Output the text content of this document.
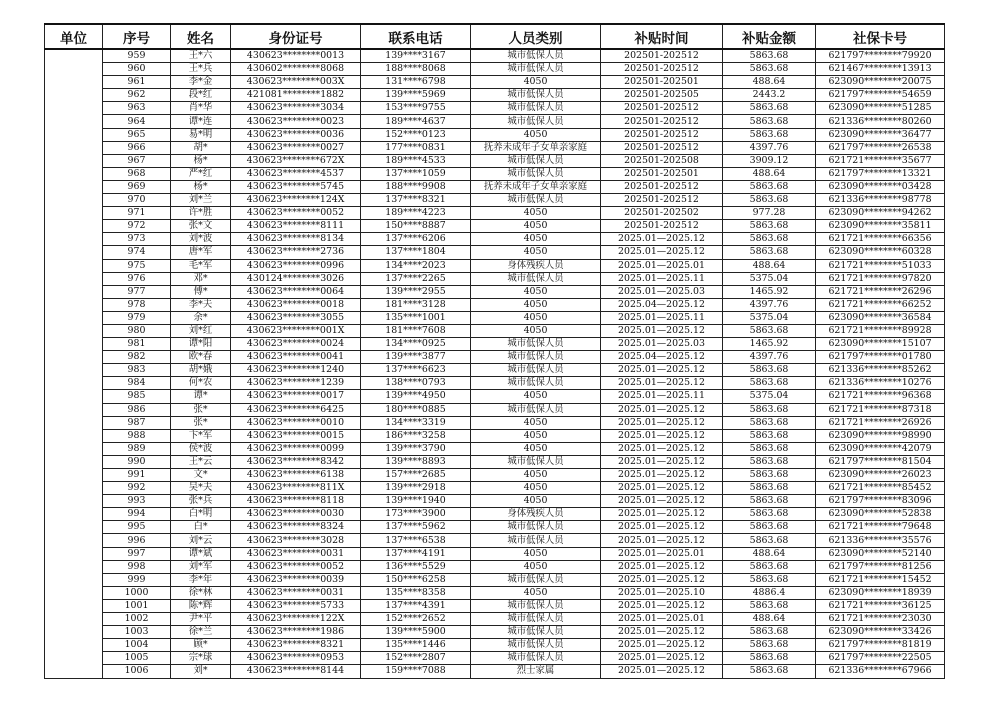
单位	序号	姓名	身份证号	联系电话	人员类别	补贴时间	补贴金额	社保卡号
	959	王*六	430623********0013	139****3167	城市低保人员	202501-202512	5863.68	621797********79920
	960	王*兵	430602********8068	188****8068	城市低保人员	202501-202512	5863.68	621467********13913
	961	李*金	430623********003X	131****6798	4050	202501-202501	488.64	623090********20075
	962	段*红	421081********1882	139****5969	城市低保人员	202501-202505	2443.2	621797********54659
	963	肖*华	430623********3034	153****9755	城市低保人员	202501-202512	5863.68	623090********51285
	964	谭*连	430623********0023	189****4637	城市低保人员	202501-202512	5863.68	621336********80260
	965	易*明	430623********0036	152****0123	4050	202501-202512	5863.68	623090********36477
	966	胡*	430623********0027	177****0831	抚养未成年子女单亲家庭	202501-202512	4397.76	621797********26538
	967	杨*	430623********672X	189****4533	城市低保人员	202501-202508	3909.12	621721********35677
	968	严*红	430623********4537	137****1059	城市低保人员	202501-202501	488.64	621797********13321
	969	杨*	430623********5745	188****9908	抚养未成年子女单亲家庭	202501-202512	5863.68	623090********03428
	970	刘*兰	430623********124X	137****8321	城市低保人员	202501-202512	5863.68	621336********98778
	971	许*胜	430623********0052	189****4223	4050	202501-202502	977.28	623090********94262
	972	张*文	430623********8111	150****8887	4050	202501-202512	5863.68	623090********35811
	973	刘*波	430623********8134	137****6206	4050	2025.01—2025.12	5863.68	621721********66356
	974	唐*军	430623********2736	137****1804	4050	2025.01—2025.12	5863.68	623090********60328
	975	毛*军	430623********0996	134****2023	身体残疾人员	2025.01—2025.01	488.64	621721********51033
	976	邓*	430124********3026	137****2265	城市低保人员	2025.01—2025.11	5375.04	621721********97820
	977	傅*	430623********0064	139****2955	4050	2025.01—2025.03	1465.92	621721********26296
	978	李*夫	430623********0018	181****3128	4050	2025.04—2025.12	4397.76	621721********66252
	979	余*	430623********3055	135****1001	4050	2025.01—2025.11	5375.04	623090********36584
	980	刘*红	430623********001X	181****7608	4050	2025.01—2025.12	5863.68	621721********89928
	981	谭*阳	430623********0024	134****0925	城市低保人员	2025.01—2025.03	1465.92	623090********15107
	982	欧*春	430623********0041	139****3877	城市低保人员	2025.04—2025.12	4397.76	621797********01780
	983	胡*娥	430623********1240	137****6623	城市低保人员	2025.01—2025.12	5863.68	621336********85262
	984	何*农	430623********1239	138****0793	城市低保人员	2025.01—2025.12	5863.68	621336********10276
	985	谭*	430623********0017	139****4950	4050	2025.01—2025.11	5375.04	621721********96368
	986	张*	430623********6425	180****0885	城市低保人员	2025.01—2025.12	5863.68	621721********87318
	987	张*	430623********0010	134****3319	4050	2025.01—2025.12	5863.68	621721********26926
	988	卞*军	430623********0015	186****3258	4050	2025.01—2025.12	5863.68	623090********98990
	989	侯*波	430623********0099	139****3790	4050	2025.01—2025.12	5863.68	623090********42079
	990	王*云	430623********8342	139****8893	城市低保人员	2025.01—2025.12	5863.68	621797********81504
	991	文*	430623********6138	157****2685	4050	2025.01—2025.12	5863.68	623090********26023
	992	吴*夫	430623********811X	139****2918	4050	2025.01—2025.12	5863.68	621721********85452
	993	张*兵	430623********8118	139****1940	4050	2025.01—2025.12	5863.68	621797********83096
	994	白*明	430623********0030	173****3900	身体残疾人员	2025.01—2025.12	5863.68	623090********52838
	995	白*	430623********8324	137****5962	城市低保人员	2025.01—2025.12	5863.68	621721********79648
	996	刘*云	430623********3028	137****6538	城市低保人员	2025.01—2025.12	5863.68	621336********35576
	997	谭*斌	430623********0031	137****4191	4050	2025.01—2025.01	488.64	623090********52140
	998	刘*军	430623********0052	136****5529	4050	2025.01—2025.12	5863.68	621797********81256
	999	李*年	430623********0039	150****6258	城市低保人员	2025.01—2025.12	5863.68	621721********15452
	1000	徐*林	430623********0031	135****8358	4050	2025.01—2025.10	4886.4	623090********18939
	1001	陈*辉	430623********5733	137****4391	城市低保人员	2025.01—2025.12	5863.68	621721********36125
	1002	尹*平	430623********122X	152****2652	城市低保人员	2025.01—2025.01	488.64	621721********23030
	1003	徐*兰	430623********1986	139****5900	城市低保人员	2025.01—2025.12	5863.68	623090********33426
	1004	顾*	430623********8321	135****1446	城市低保人员	2025.01—2025.12	5863.68	621797********81819
	1005	宗*球	430623********0953	152****2807	城市低保人员	2025.01—2025.12	5863.68	621797********22505
	1006	刘*	430623********8144	159****7088	烈士家属	2025.01—2025.12	5863.68	621336********67966
